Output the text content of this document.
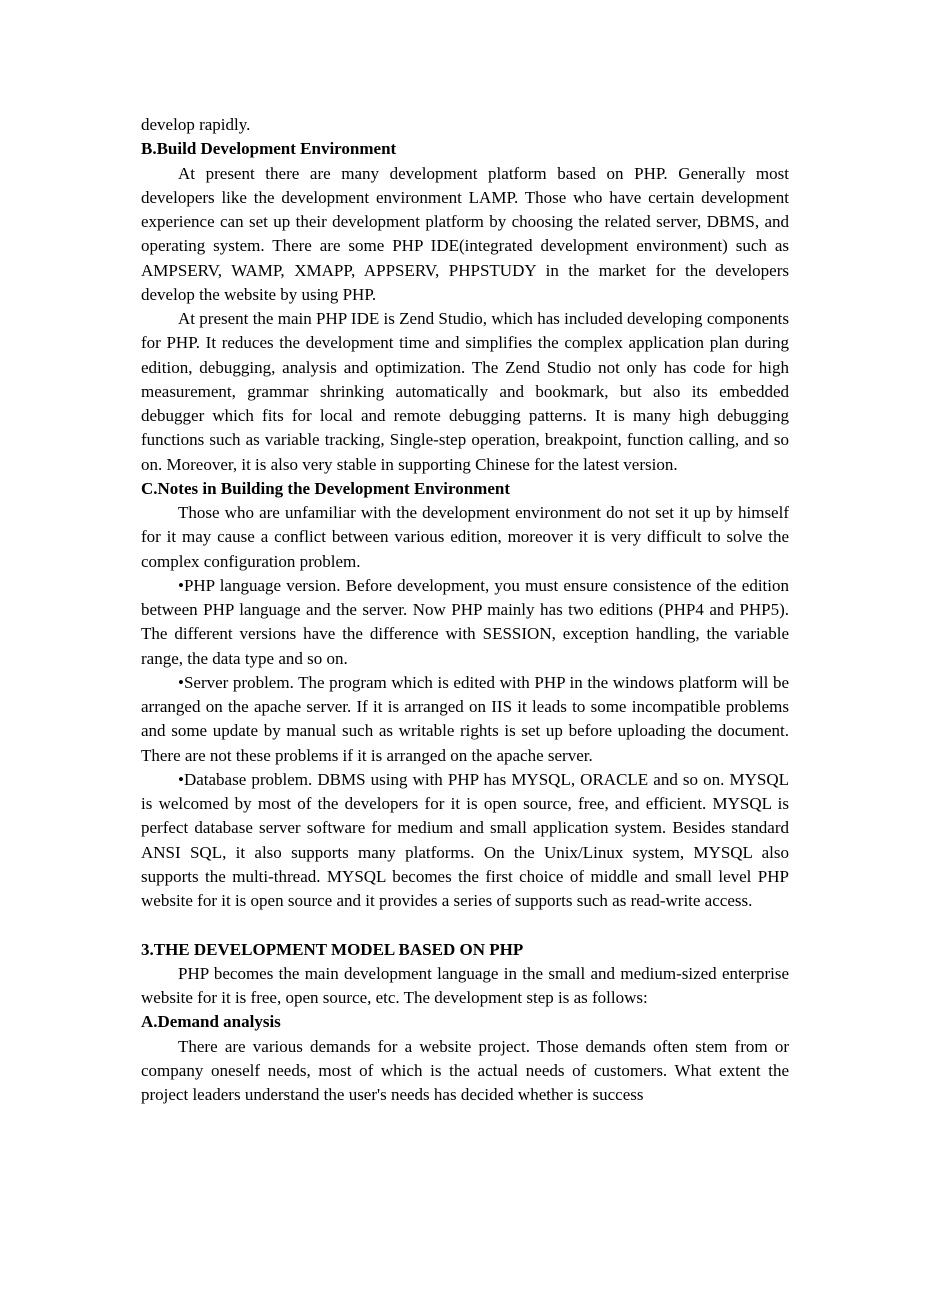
develop rapidly.

B.Build Development Environment

At present there are many development platform based on PHP. Generally most developers like the development environment LAMP. Those who have certain development experience can set up their development platform by choosing the related server, DBMS, and operating system. There are some PHP IDE(integrated development environment) such as AMPSERV, WAMP, XMAPP, APPSERV, PHPSTUDY in the market for the developers develop the website by using PHP.

At present the main PHP IDE is Zend Studio, which has included developing components for PHP. It reduces the development time and simplifies the complex application plan during edition, debugging, analysis and optimization. The Zend Studio not only has code for high measurement, grammar shrinking automatically and bookmark, but also its embedded debugger which fits for local and remote debugging patterns. It is many high debugging functions such as variable tracking, Single-step operation, breakpoint, function calling, and so on. Moreover, it is also very stable in supporting Chinese for the latest version.

C.Notes in Building the Development Environment

Those who are unfamiliar with the development environment do not set it up by himself for it may cause a conflict between various edition, moreover it is very difficult to solve the complex configuration problem.

•PHP language version. Before development, you must ensure consistence of the edition between PHP language and the server. Now PHP mainly has two editions (PHP4 and PHP5). The different versions have the difference with SESSION, exception handling, the variable range, the data type and so on.

•Server problem. The program which is edited with PHP in the windows platform will be arranged on the apache server. If it is arranged on IIS it leads to some incompatible problems and some update by manual such as writable rights is set up before uploading the document. There are not these problems if it is arranged on the apache server.

•Database problem. DBMS using with PHP has MYSQL, ORACLE and so on. MYSQL is welcomed by most of the developers for it is open source, free, and efficient. MYSQL is perfect database server software for medium and small application system. Besides standard ANSI SQL, it also supports many platforms. On the Unix/Linux system, MYSQL also supports the multi-thread. MYSQL becomes the first choice of middle and small level PHP website for it is open source and it provides a series of supports such as read-write access.

3.THE DEVELOPMENT MODEL BASED ON PHP

PHP becomes the main development language in the small and medium-sized enterprise website for it is free, open source, etc. The development step is as follows:

A.Demand analysis

There are various demands for a website project. Those demands often stem from or company oneself needs, most of which is the actual needs of customers. What extent the project leaders understand the user's needs has decided whether is success
